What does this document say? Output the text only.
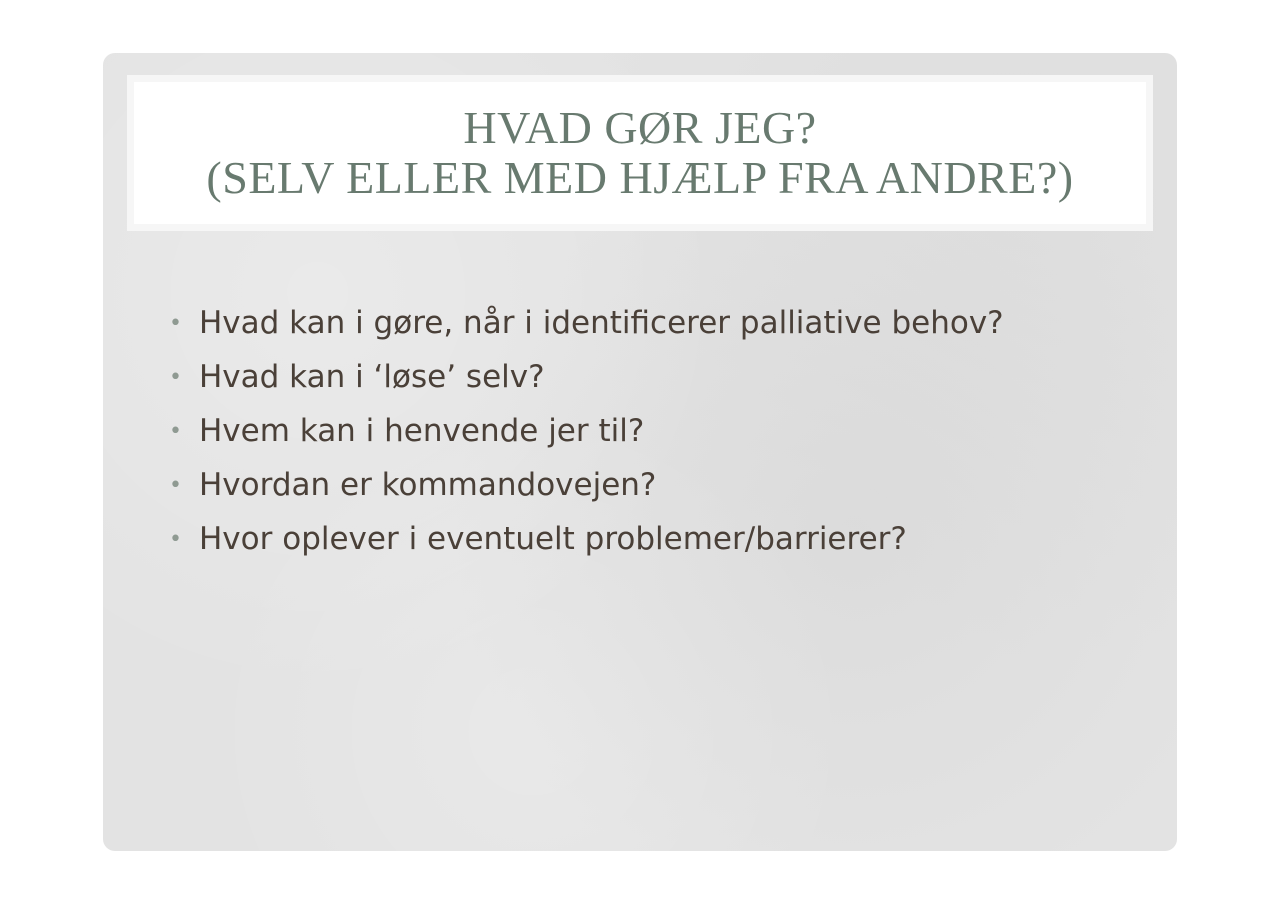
HVAD GØR JEG?
(SELV ELLER MED HJÆLP FRA ANDRE?)
• Hvad kan i gøre, når i identificerer palliative behov?
• Hvad kan i ‘løse’ selv?
• Hvem kan i henvende jer til?
• Hvordan er kommandovejen?
• Hvor oplever i eventuelt problemer/barrierer?
